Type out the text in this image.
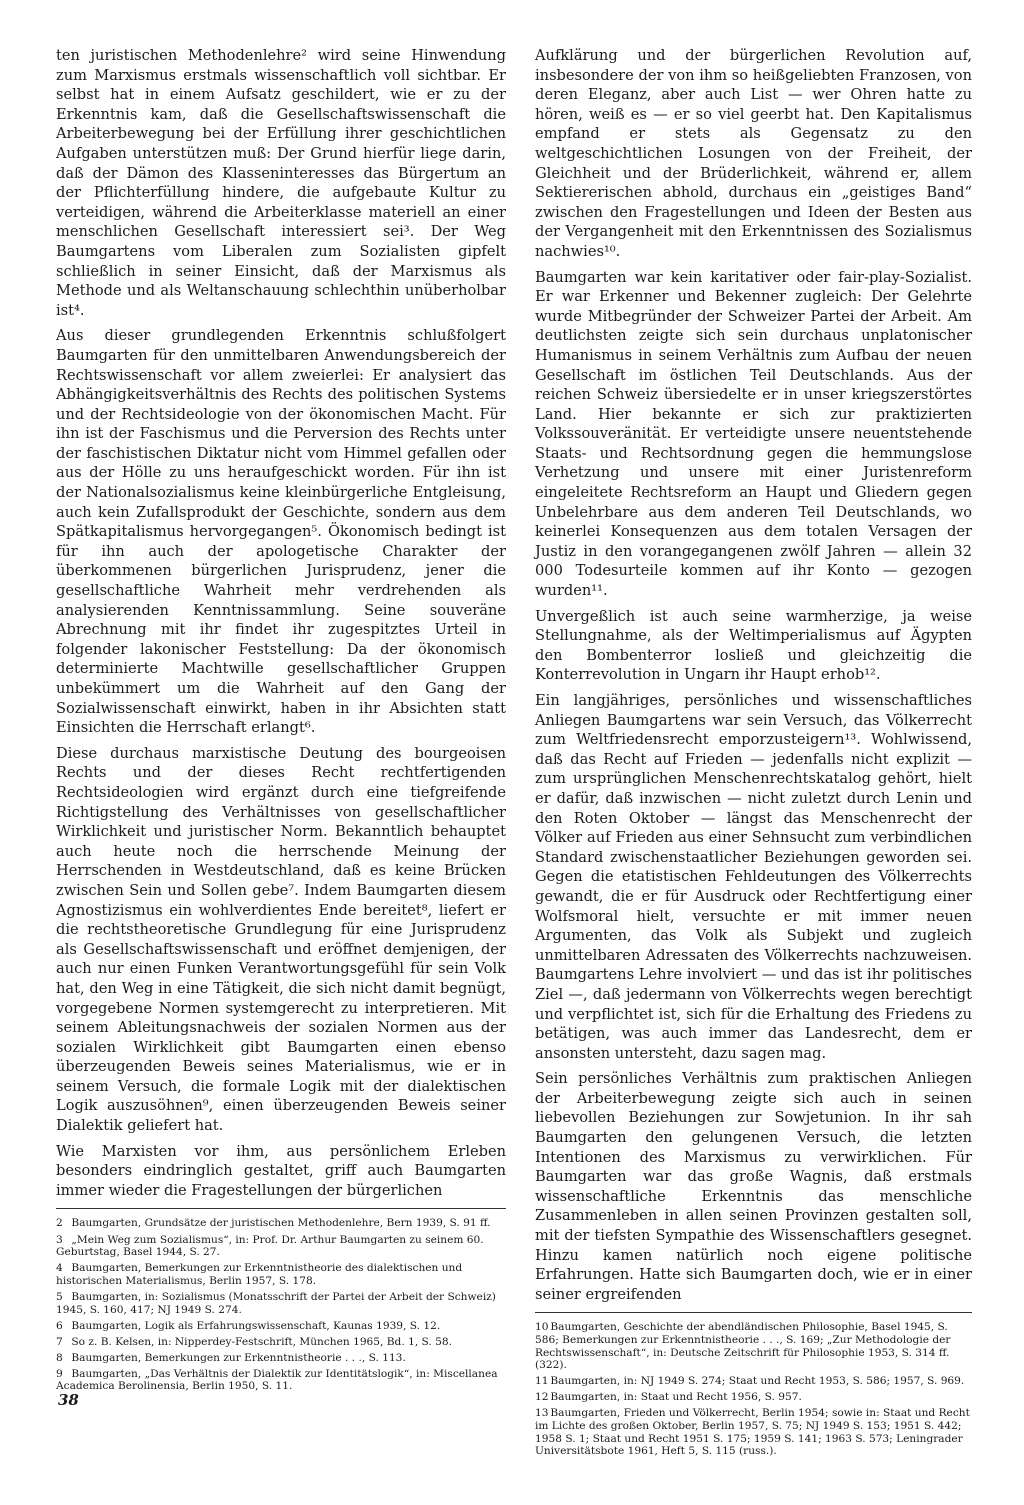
ten juristischen Methodenlehre² wird seine Hinwendung zum Marxismus erstmals wissenschaftlich voll sichtbar. Er selbst hat in einem Aufsatz geschildert, wie er zu der Erkenntnis kam, daß die Gesellschaftswissenschaft die Arbeiterbewegung bei der Erfüllung ihrer geschichtlichen Aufgaben unterstützen muß: Der Grund hierfür liege darin, daß der Dämon des Klasseninteresses das Bürgertum an der Pflichterfüllung hindere, die aufgebaute Kultur zu verteidigen, während die Arbeiterklasse materiell an einer menschlichen Gesellschaft interessiert sei³. Der Weg Baumgartens vom Liberalen zum Sozialisten gipfelt schließlich in seiner Einsicht, daß der Marxismus als Methode und als Weltanschauung schlechthin unüberholbar ist⁴.

Aus dieser grundlegenden Erkenntnis schlußfolgert Baumgarten für den unmittelbaren Anwendungsbereich der Rechtswissenschaft vor allem zweierlei: Er analysiert das Abhängigkeitsverhältnis des Rechts des politischen Systems und der Rechtsideologie von der ökonomischen Macht. Für ihn ist der Faschismus und die Perversion des Rechts unter der faschistischen Diktatur nicht vom Himmel gefallen oder aus der Hölle zu uns heraufgeschickt worden. Für ihn ist der Nationalsozialismus keine kleinbürgerliche Entgleisung, auch kein Zufallsprodukt der Geschichte, sondern aus dem Spätkapitalismus hervorgegangen⁵. Ökonomisch bedingt ist für ihn auch der apologetische Charakter der überkommenen bürgerlichen Jurisprudenz, jener die gesellschaftliche Wahrheit mehr verdrehenden als analysierenden Kenntnissammlung. Seine souveräne Abrechnung mit ihr findet ihr zugespitztes Urteil in folgender lakonischer Feststellung: Da der ökonomisch determinierte Machtwille gesellschaftlicher Gruppen unbekümmert um die Wahrheit auf den Gang der Sozialwissenschaft einwirkt, haben in ihr Absichten statt Einsichten die Herrschaft erlangt⁶.

Diese durchaus marxistische Deutung des bourgeoisen Rechts und der dieses Recht rechtfertigenden Rechtsideologien wird ergänzt durch eine tiefgreifende Richtigstellung des Verhältnisses von gesellschaftlicher Wirklichkeit und juristischer Norm. Bekanntlich behauptet auch heute noch die herrschende Meinung der Herrschenden in Westdeutschland, daß es keine Brücken zwischen Sein und Sollen gebe⁷. Indem Baumgarten diesem Agnostizismus ein wohlverdientes Ende bereitet⁸, liefert er die rechtstheoretische Grundlegung für eine Jurisprudenz als Gesellschaftswissenschaft und eröffnet demjenigen, der auch nur einen Funken Verantwortungsgefühl für sein Volk hat, den Weg in eine Tätigkeit, die sich nicht damit begnügt, vorgegebene Normen systemgerecht zu interpretieren. Mit seinem Ableitungsnachweis der sozialen Normen aus der sozialen Wirklichkeit gibt Baumgarten einen ebenso überzeugenden Beweis seines Materialismus, wie er in seinem Versuch, die formale Logik mit der dialektischen Logik auszusöhnen⁹, einen überzeugenden Beweis seiner Dialektik geliefert hat.

Wie Marxisten vor ihm, aus persönlichem Erleben besonders eindringlich gestaltet, griff auch Baumgarten immer wieder die Fragestellungen der bürgerlichen

2 Baumgarten, Grundsätze der juristischen Methodenlehre, Bern 1939, S. 91 ff.
3 „Mein Weg zum Sozialismus“, in: Prof. Dr. Arthur Baumgarten zu seinem 60. Geburtstag, Basel 1944, S. 27.
4 Baumgarten, Bemerkungen zur Erkenntnistheorie des dialektischen und historischen Materialismus, Berlin 1957, S. 178.
5 Baumgarten, in: Sozialismus (Monatsschrift der Partei der Arbeit der Schweiz) 1945, S. 160, 417; NJ 1949 S. 274.
6 Baumgarten, Logik als Erfahrungswissenschaft, Kaunas 1939, S. 12.
7 So z. B. Kelsen, in: Nipperdey-Festschrift, München 1965, Bd. 1, S. 58.
8 Baumgarten, Bemerkungen zur Erkenntnistheorie . . ., S. 113.
9 Baumgarten, „Das Verhältnis der Dialektik zur Identitätslogik“, in: Miscellanea Academica Berolinensia, Berlin 1950, S. 11.

Aufklärung und der bürgerlichen Revolution auf, insbesondere der von ihm so heißgeliebten Franzosen, von deren Eleganz, aber auch List — wer Ohren hatte zu hören, weiß es — er so viel geerbt hat. Den Kapitalismus empfand er stets als Gegensatz zu den weltgeschichtlichen Losungen von der Freiheit, der Gleichheit und der Brüderlichkeit, während er, allem Sektiererischen abhold, durchaus ein „geistiges Band“ zwischen den Fragestellungen und Ideen der Besten aus der Vergangenheit mit den Erkenntnissen des Sozialismus nachwies¹⁰.

Baumgarten war kein karitativer oder fair-play-Sozialist. Er war Erkenner und Bekenner zugleich: Der Gelehrte wurde Mitbegründer der Schweizer Partei der Arbeit. Am deutlichsten zeigte sich sein durchaus unplatonischer Humanismus in seinem Verhältnis zum Aufbau der neuen Gesellschaft im östlichen Teil Deutschlands. Aus der reichen Schweiz übersiedelte er in unser kriegszerstörtes Land. Hier bekannte er sich zur praktizierten Volkssouveränität. Er verteidigte unsere neuentstehende Staats- und Rechtsordnung gegen die hemmungslose Verhetzung und unsere mit einer Juristenreform eingeleitete Rechtsreform an Haupt und Gliedern gegen Unbelehrbare aus dem anderen Teil Deutschlands, wo keinerlei Konsequenzen aus dem totalen Versagen der Justiz in den vorangegangenen zwölf Jahren — allein 32 000 Todesurteile kommen auf ihr Konto — gezogen wurden¹¹.

Unvergeßlich ist auch seine warmherzige, ja weise Stellungnahme, als der Weltimperialismus auf Ägypten den Bombenterror losließ und gleichzeitig die Konterrevolution in Ungarn ihr Haupt erhob¹².

Ein langjähriges, persönliches und wissenschaftliches Anliegen Baumgartens war sein Versuch, das Völkerrecht zum Weltfriedensrecht emporzusteigern¹³. Wohlwissend, daß das Recht auf Frieden — jedenfalls nicht explizit — zum ursprünglichen Menschenrechtskatalog gehört, hielt er dafür, daß inzwischen — nicht zuletzt durch Lenin und den Roten Oktober — längst das Menschenrecht der Völker auf Frieden aus einer Sehnsucht zum verbindlichen Standard zwischenstaatlicher Beziehungen geworden sei. Gegen die etatistischen Fehldeutungen des Völkerrechts gewandt, die er für Ausdruck oder Rechtfertigung einer Wolfsmoral hielt, versuchte er mit immer neuen Argumenten, das Volk als Subjekt und zugleich unmittelbaren Adressaten des Völkerrechts nachzuweisen. Baumgartens Lehre involviert — und das ist ihr politisches Ziel —, daß jedermann von Völkerrechts wegen berechtigt und verpflichtet ist, sich für die Erhaltung des Friedens zu betätigen, was auch immer das Landesrecht, dem er ansonsten untersteht, dazu sagen mag.

Sein persönliches Verhältnis zum praktischen Anliegen der Arbeiterbewegung zeigte sich auch in seinen liebevollen Beziehungen zur Sowjetunion. In ihr sah Baumgarten den gelungenen Versuch, die letzten Intentionen des Marxismus zu verwirklichen. Für Baumgarten war das große Wagnis, daß erstmals wissenschaftliche Erkenntnis das menschliche Zusammenleben in allen seinen Provinzen gestalten soll, mit der tiefsten Sympathie des Wissenschaftlers gesegnet. Hinzu kamen natürlich noch eigene politische Erfahrungen. Hatte sich Baumgarten doch, wie er in einer seiner ergreifenden

10 Baumgarten, Geschichte der abendländischen Philosophie, Basel 1945, S. 586; Bemerkungen zur Erkenntnistheorie . . ., S. 169; „Zur Methodologie der Rechtswissenschaft“, in: Deutsche Zeitschrift für Philosophie 1953, S. 314 ff. (322).
11 Baumgarten, in: NJ 1949 S. 274; Staat und Recht 1953, S. 586; 1957, S. 969.
12 Baumgarten, in: Staat und Recht 1956, S. 957.
13 Baumgarten, Frieden und Völkerrecht, Berlin 1954; sowie in: Staat und Recht im Lichte des großen Oktober, Berlin 1957, S. 75; NJ 1949 S. 153; 1951 S. 442; 1958 S. 1; Staat und Recht 1951 S. 175; 1959 S. 141; 1963 S. 573; Leningrader Universitätsbote 1961, Heft 5, S. 115 (russ.).
38
